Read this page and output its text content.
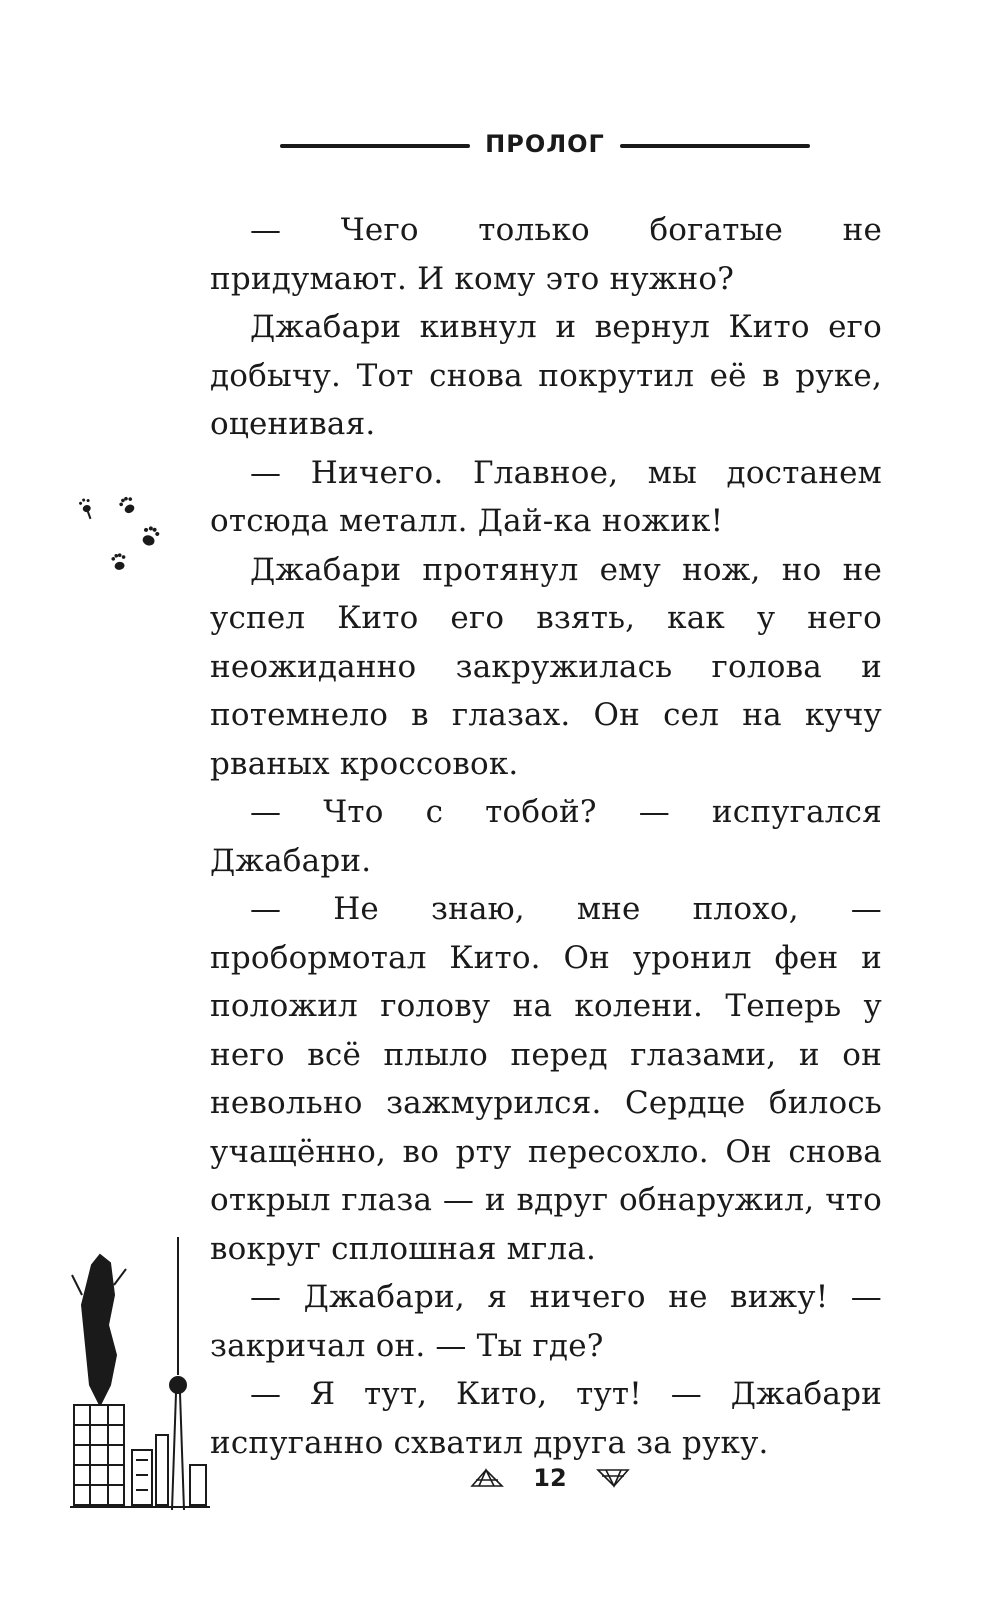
ПРОЛОГ

— Чего только богатые не придумают. И кому это нужно?

Джабари кивнул и вернул Кито его добычу. Тот снова покрутил её в руке, оценивая.

— Ничего. Главное, мы достанем отсюда металл. Дай-ка ножик!

Джабари протянул ему нож, но не успел Кито его взять, как у него неожиданно закружилась голова и потемнело в глазах. Он сел на кучу рваных кроссовок.

— Что с тобой? — испугался Джабари.

— Не знаю, мне плохо, — пробормотал Кито. Он уронил фен и положил голову на колени. Теперь у него всё плыло перед глазами, и он невольно зажмурился. Сердце билось учащённо, во рту пересохло. Он снова открыл глаза — и вдруг обнаружил, что вокруг сплошная мгла.

— Джабари, я ничего не вижу! — закричал он. — Ты где?

— Я тут, Кито, тут! — Джабари испуганно схватил друга за руку.

12
